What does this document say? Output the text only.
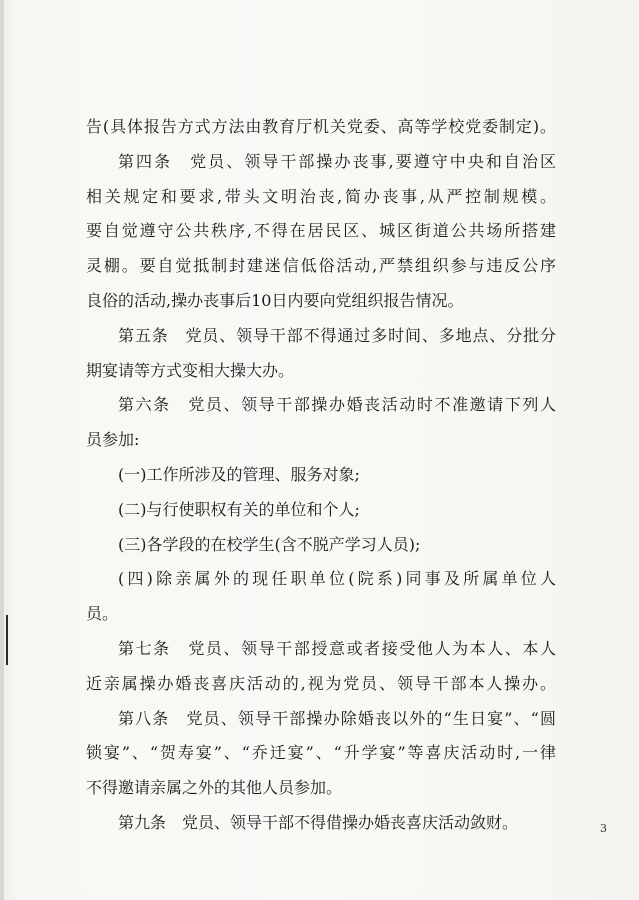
告(具体报告方式方法由教育厅机关党委、高等学校党委制定)。
第四条　党员、领导干部操办丧事,要遵守中央和自治区
相关规定和要求,带头文明治丧,简办丧事,从严控制规模。
要自觉遵守公共秩序,不得在居民区、城区街道公共场所搭建
灵棚。要自觉抵制封建迷信低俗活动,严禁组织参与违反公序
良俗的活动,操办丧事后10日内要向党组织报告情况。
第五条　党员、领导干部不得通过多时间、多地点、分批分
期宴请等方式变相大操大办。
第六条　党员、领导干部操办婚丧活动时不准邀请下列人
员参加:
(一)工作所涉及的管理、服务对象;
(二)与行使职权有关的单位和个人;
(三)各学段的在校学生(含不脱产学习人员);
(四)除亲属外的现任职单位(院系)同事及所属单位人
员。
第七条　党员、领导干部授意或者接受他人为本人、本人
近亲属操办婚丧喜庆活动的,视为党员、领导干部本人操办。
第八条　党员、领导干部操办除婚丧以外的“生日宴”、“圆
锁宴”、“贺寿宴”、“乔迁宴”、“升学宴”等喜庆活动时,一律
不得邀请亲属之外的其他人员参加。
第九条　党员、领导干部不得借操办婚丧喜庆活动敛财。	3
